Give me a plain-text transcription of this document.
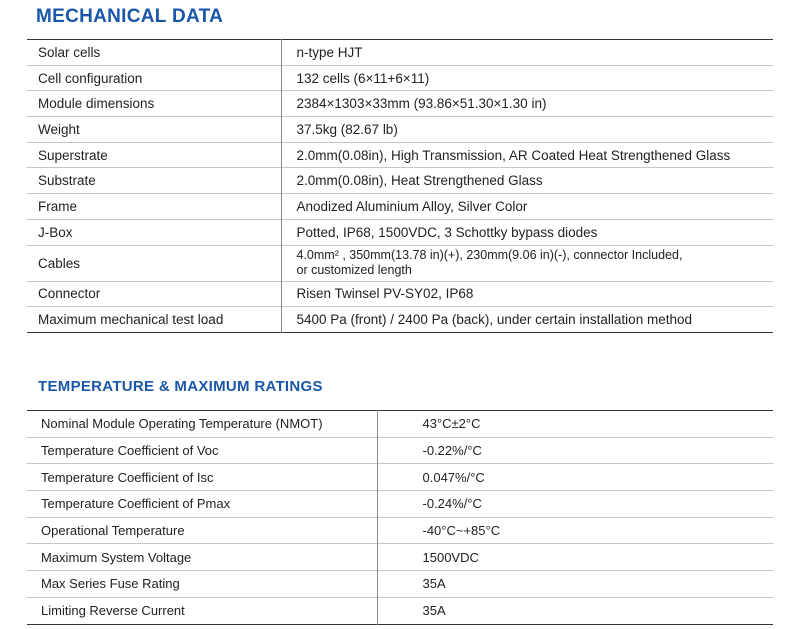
MECHANICAL DATA
Solar cells	n-type HJT
Cell configuration	132 cells (6×11+6×11)
Module dimensions	2384×1303×33mm (93.86×51.30×1.30 in)
Weight	37.5kg (82.67 lb)
Superstrate	2.0mm(0.08in), High Transmission, AR Coated Heat Strengthened Glass
Substrate	2.0mm(0.08in), Heat Strengthened Glass
Frame	Anodized Aluminium Alloy, Silver Color
J-Box	Potted, IP68, 1500VDC, 3 Schottky bypass diodes
Cables	4.0mm² , 350mm(13.78 in)(+), 230mm(9.06 in)(-), connector Included,
or customized length

Connector	Risen Twinsel PV-SY02, IP68
Maximum mechanical test load	5400 Pa (front) / 2400 Pa (back), under certain installation method
TEMPERATURE & MAXIMUM RATINGS
Nominal Module Operating Temperature (NMOT)	43°C±2°C
Temperature Coefficient of Voc	-0.22%/°C
Temperature Coefficient of Isc	0.047%/°C
Temperature Coefficient of Pmax	-0.24%/°C
Operational Temperature	-40°C~+85°C
Maximum System Voltage	1500VDC
Max Series Fuse Rating	35A
Limiting Reverse Current	35A
